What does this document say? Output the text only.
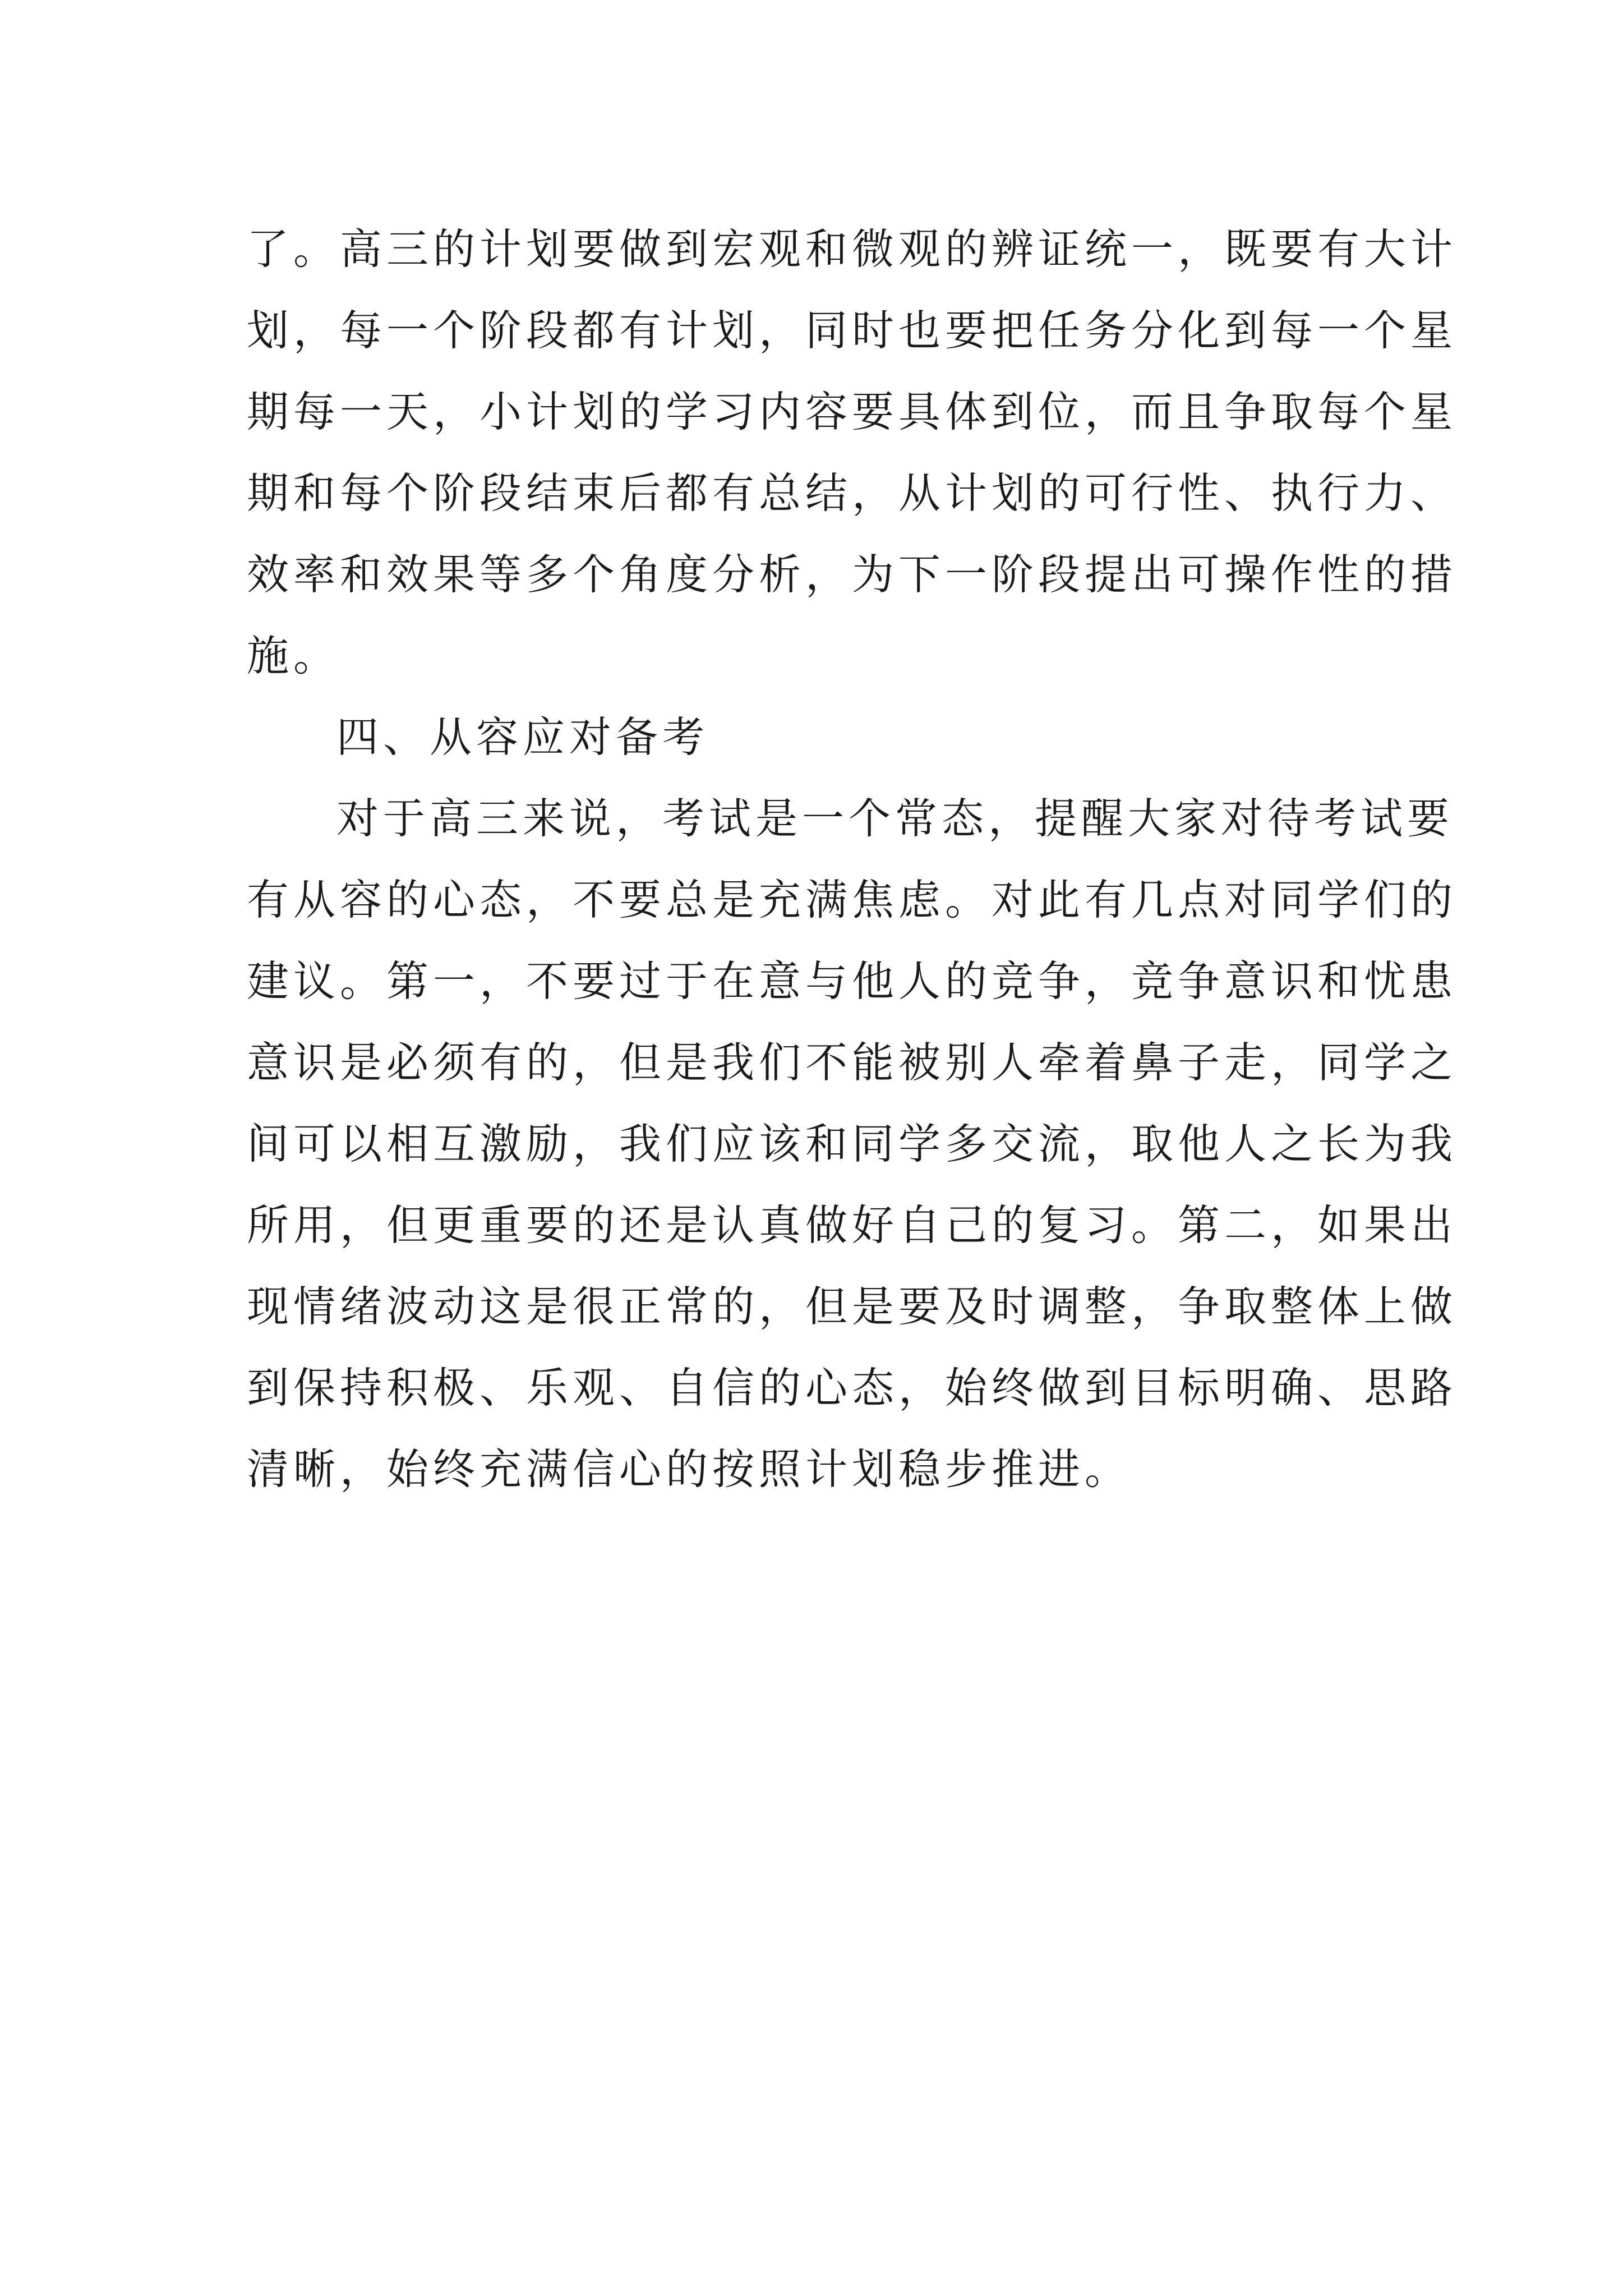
了。高三的计划要做到宏观和微观的辨证统一，既要有大计
划，每一个阶段都有计划，同时也要把任务分化到每一个星
期每一天，小计划的学习内容要具体到位，而且争取每个星
期和每个阶段结束后都有总结，从计划的可行性、执行力、
效率和效果等多个角度分析，为下一阶段提出可操作性的措
施。
四、从容应对备考
对于高三来说，考试是一个常态，提醒大家对待考试要
有从容的心态，不要总是充满焦虑。对此有几点对同学们的
建议。第一，不要过于在意与他人的竞争，竞争意识和忧患
意识是必须有的，但是我们不能被别人牵着鼻子走，同学之
间可以相互激励，我们应该和同学多交流，取他人之长为我
所用，但更重要的还是认真做好自己的复习。第二，如果出
现情绪波动这是很正常的，但是要及时调整，争取整体上做
到保持积极、乐观、自信的心态，始终做到目标明确、思路
清晰，始终充满信心的按照计划稳步推进。
